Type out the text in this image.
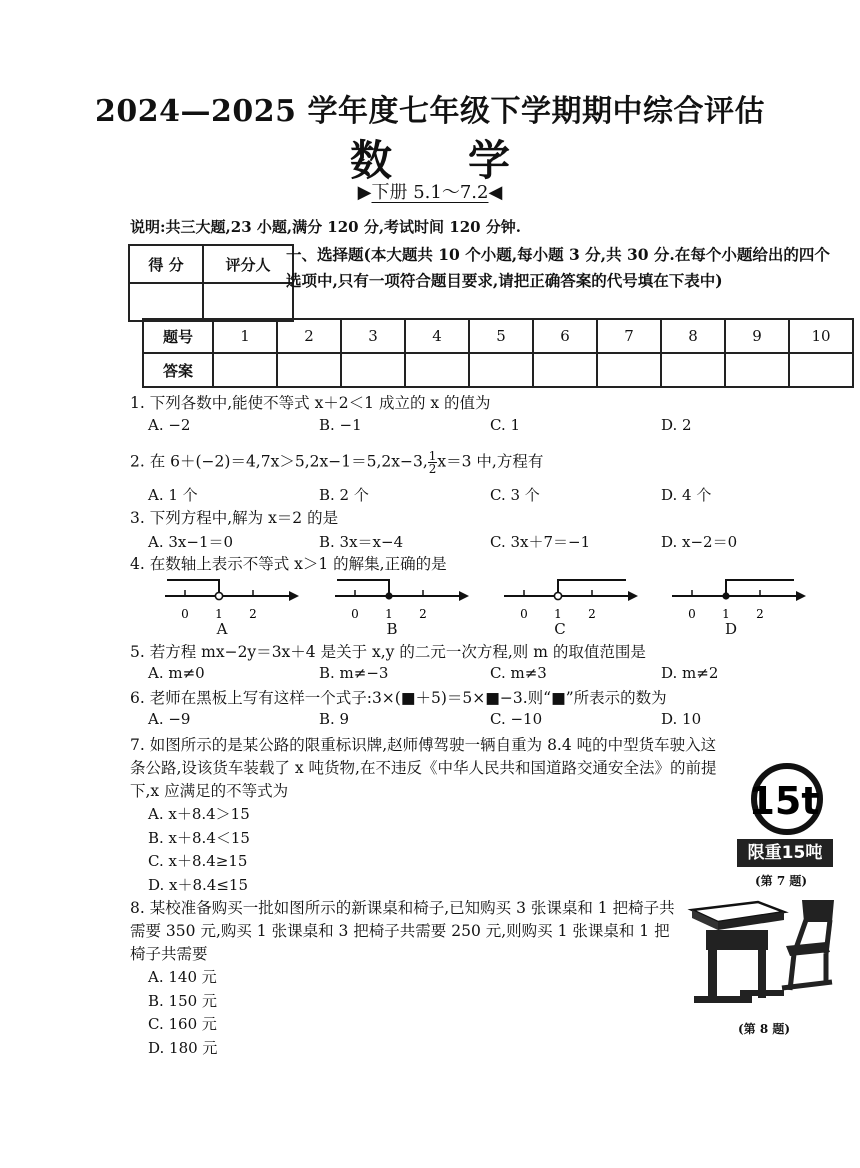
2024—2025 学年度七年级下学期期中综合评估
数 学
▶下册 5.1～7.2◀
说明:共三大题,23 小题,满分 120 分,考试时间 120 分钟.
得 分	评分人

一、选择题(本大题共 10 个小题,每小题 3 分,共 30 分.在每个小题给出的四个选项中,只有一项符合题目要求,请把正确答案的代号填在下表中)
题号	1	2	3	4	5	6	7	8	9	10
答案										
1. 下列各数中,能使不等式 x＋2＜1 成立的 x 的值为
A. −2	B. −1	C. 1	D. 2
2. 在 6＋(−2)＝4,7x＞5,2x−1＝5,2x−3, $\frac{1}{2} x=3$ 中,方程有
A. 1 个	B. 2 个	C. 3 个	D. 4 个
3. 下列方程中,解为 x＝2 的是
A. 3x−1＝0	B. 3x＝x−4	C. 3x＋7＝−1	D. x−2＝0
4. 在数轴上表示不等式 x＞1 的解集,正确的是
0 1 2	0 1 2	0 1 2	0 1 2
A	B	C	D
5. 若方程 mx−2y＝3x＋4 是关于 x,y 的二元一次方程,则 m 的取值范围是
A. m≠0	B. m≠−3	C. m≠3	D. m≠2
6. 老师在黑板上写有这样一个式子:3×(■＋5)＝5×■−3.则“■”所表示的数为
A. −9	B. 9	C. −10	D. 10
7. 如图所示的是某公路的限重标识牌,赵师傅驾驶一辆自重为 8.4 吨的中型货车驶入这条公路,设该货车装载了 x 吨货物,在不违反《中华人民共和国道路交通安全法》的前提下,x 应满足的不等式为
A. x＋8.4＞15
B. x＋8.4＜15
C. x＋8.4≥15
D. x＋8.4≤15
15t
限重15吨
(第 7 题)
8. 某校准备购买一批如图所示的新课桌和椅子,已知购买 3 张课桌和 1 把椅子共需要 350 元,购买 1 张课桌和 3 把椅子共需要 250 元,则购买 1 张课桌和 1 把椅子共需要
A. 140 元
B. 150 元
C. 160 元
D. 180 元
(第 8 题)
